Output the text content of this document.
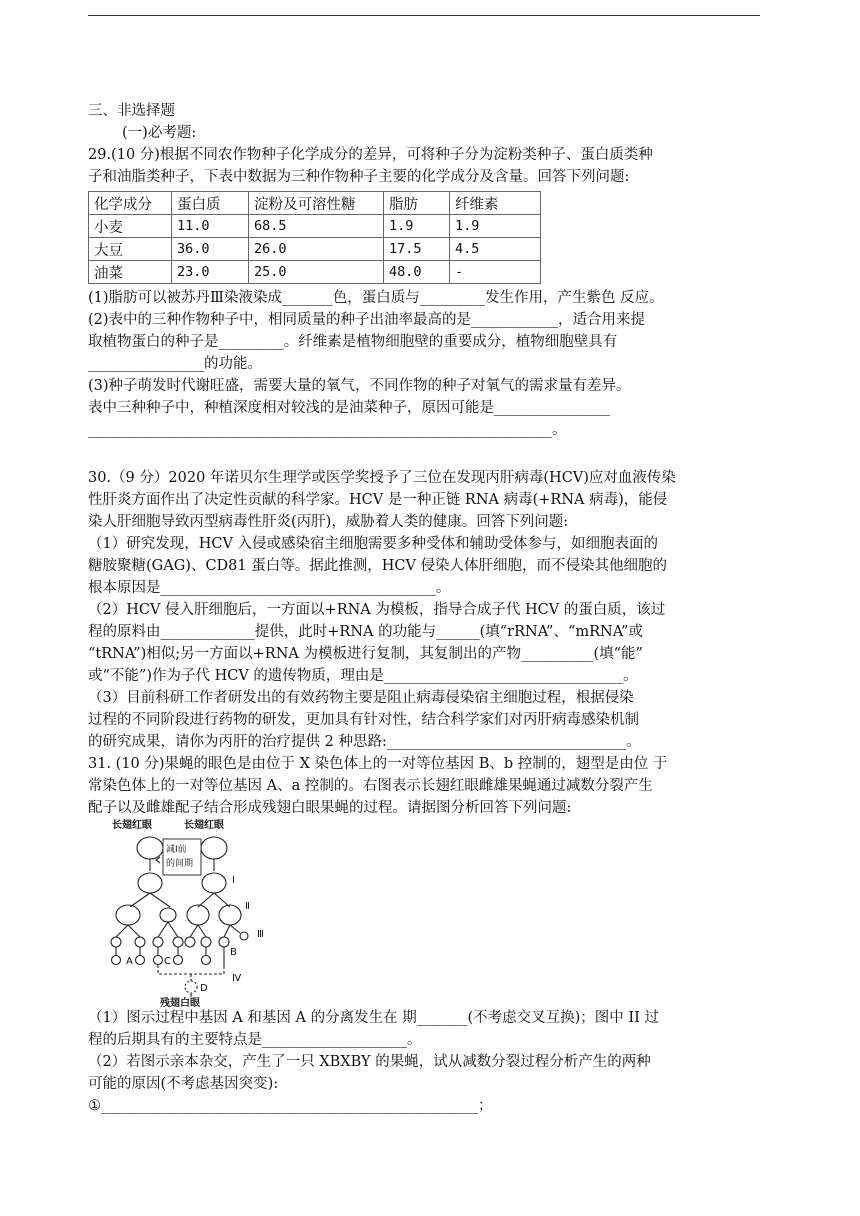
三、非选择题
(一)必考题:
29.(10 分)根据不同农作物种子化学成分的差异，可将种子分为淀粉类种子、蛋白质类种
子和油脂类种子，下表中数据为三种作物种子主要的化学成分及含量。回答下列问题:
化学成分	蛋白质	淀粉及可溶性糖	脂肪	纤维素
小麦	11.0	68.5	1.9	1.9
大豆	36.0	26.0	17.5	4.5
油菜	23.0	25.0	48.0	-
(1)脂肪可以被苏丹Ⅲ染液染成_______色，蛋白质与_________发生作用，产生紫色 反应。
(2)表中的三种作物种子中，相同质量的种子出油率最高的是____________，适合用来提
取植物蛋白的种子是_________。纤维素是植物细胞壁的重要成分，植物细胞壁具有
________________的功能。
(3)种子萌发时代谢旺盛，需要大量的氧气，不同作物的种子对氧气的需求量有差异。
表中三种种子中，种植深度相对较浅的是油菜种子，原因可能是________________
________________________________________________________________。
30.（9 分）2020 年诺贝尔生理学或医学奖授予了三位在发现丙肝病毒(HCV)应对血液传染
性肝炎方面作出了决定性贡献的科学家。HCV 是一种正链 RNA 病毒(+RNA 病毒)，能侵
染人肝细胞导致丙型病毒性肝炎(丙肝)，威胁着人类的健康。回答下列问题:
（1）研究发现，HCV 入侵或感染宿主细胞需要多种受体和辅助受体参与，如细胞表面的
糖胺聚糖(GAG)、CD81 蛋白等。据此推测，HCV 侵染人体肝细胞，而不侵染其他细胞的
根本原因是______________________________________。
（2）HCV 侵入肝细胞后，一方面以+RNA 为模板，指导合成子代 HCV 的蛋白质，该过
程的原料由_____________提供，此时+RNA 的功能与______(填“rRNA”、“mRNA”或
“tRNA”)相似;另一方面以+RNA 为模板进行复制，其复制出的产物__________(填“能”
或“不能”)作为子代 HCV 的遗传物质，理由是_________________________________。
（3）目前科研工作者研发出的有效药物主要是阻止病毒侵染宿主细胞过程，根据侵染
过程的不同阶段进行药物的研发，更加具有针对性，结合科学家们对丙肝病毒感染机制
的研究成果，请你为丙肝的治疗提供 2 种思路:_________________________________。
31. (10 分)果蝇的眼色是由位于 X 染色体上的一对等位基因 B、b 控制的，翅型是由位 于
常染色体上的一对等位基因 A、a 控制的。右图表示长翅红眼雌雄果蝇通过减数分裂产生
配子以及雌雄配子结合形成残翅白眼果蝇的过程。请据图分析回答下列问题:
长翅红眼	长翅红眼
减Ⅰ前
的间期
Ⅰ
Ⅱ
Ⅲ
A	C
B
Ⅳ
D
残翅白眼
（1）图示过程中基因 A 和基因 A 的分离发生在 期_______(不考虑交叉互换)；图中 II 过
程的后期具有的主要特点是____________________。
（2）若图示亲本杂交，产生了一只 XBXBY 的果蝇，试从减数分裂过程分析产生的两种
可能的原因(不考虑基因突变):
①____________________________________________________；
